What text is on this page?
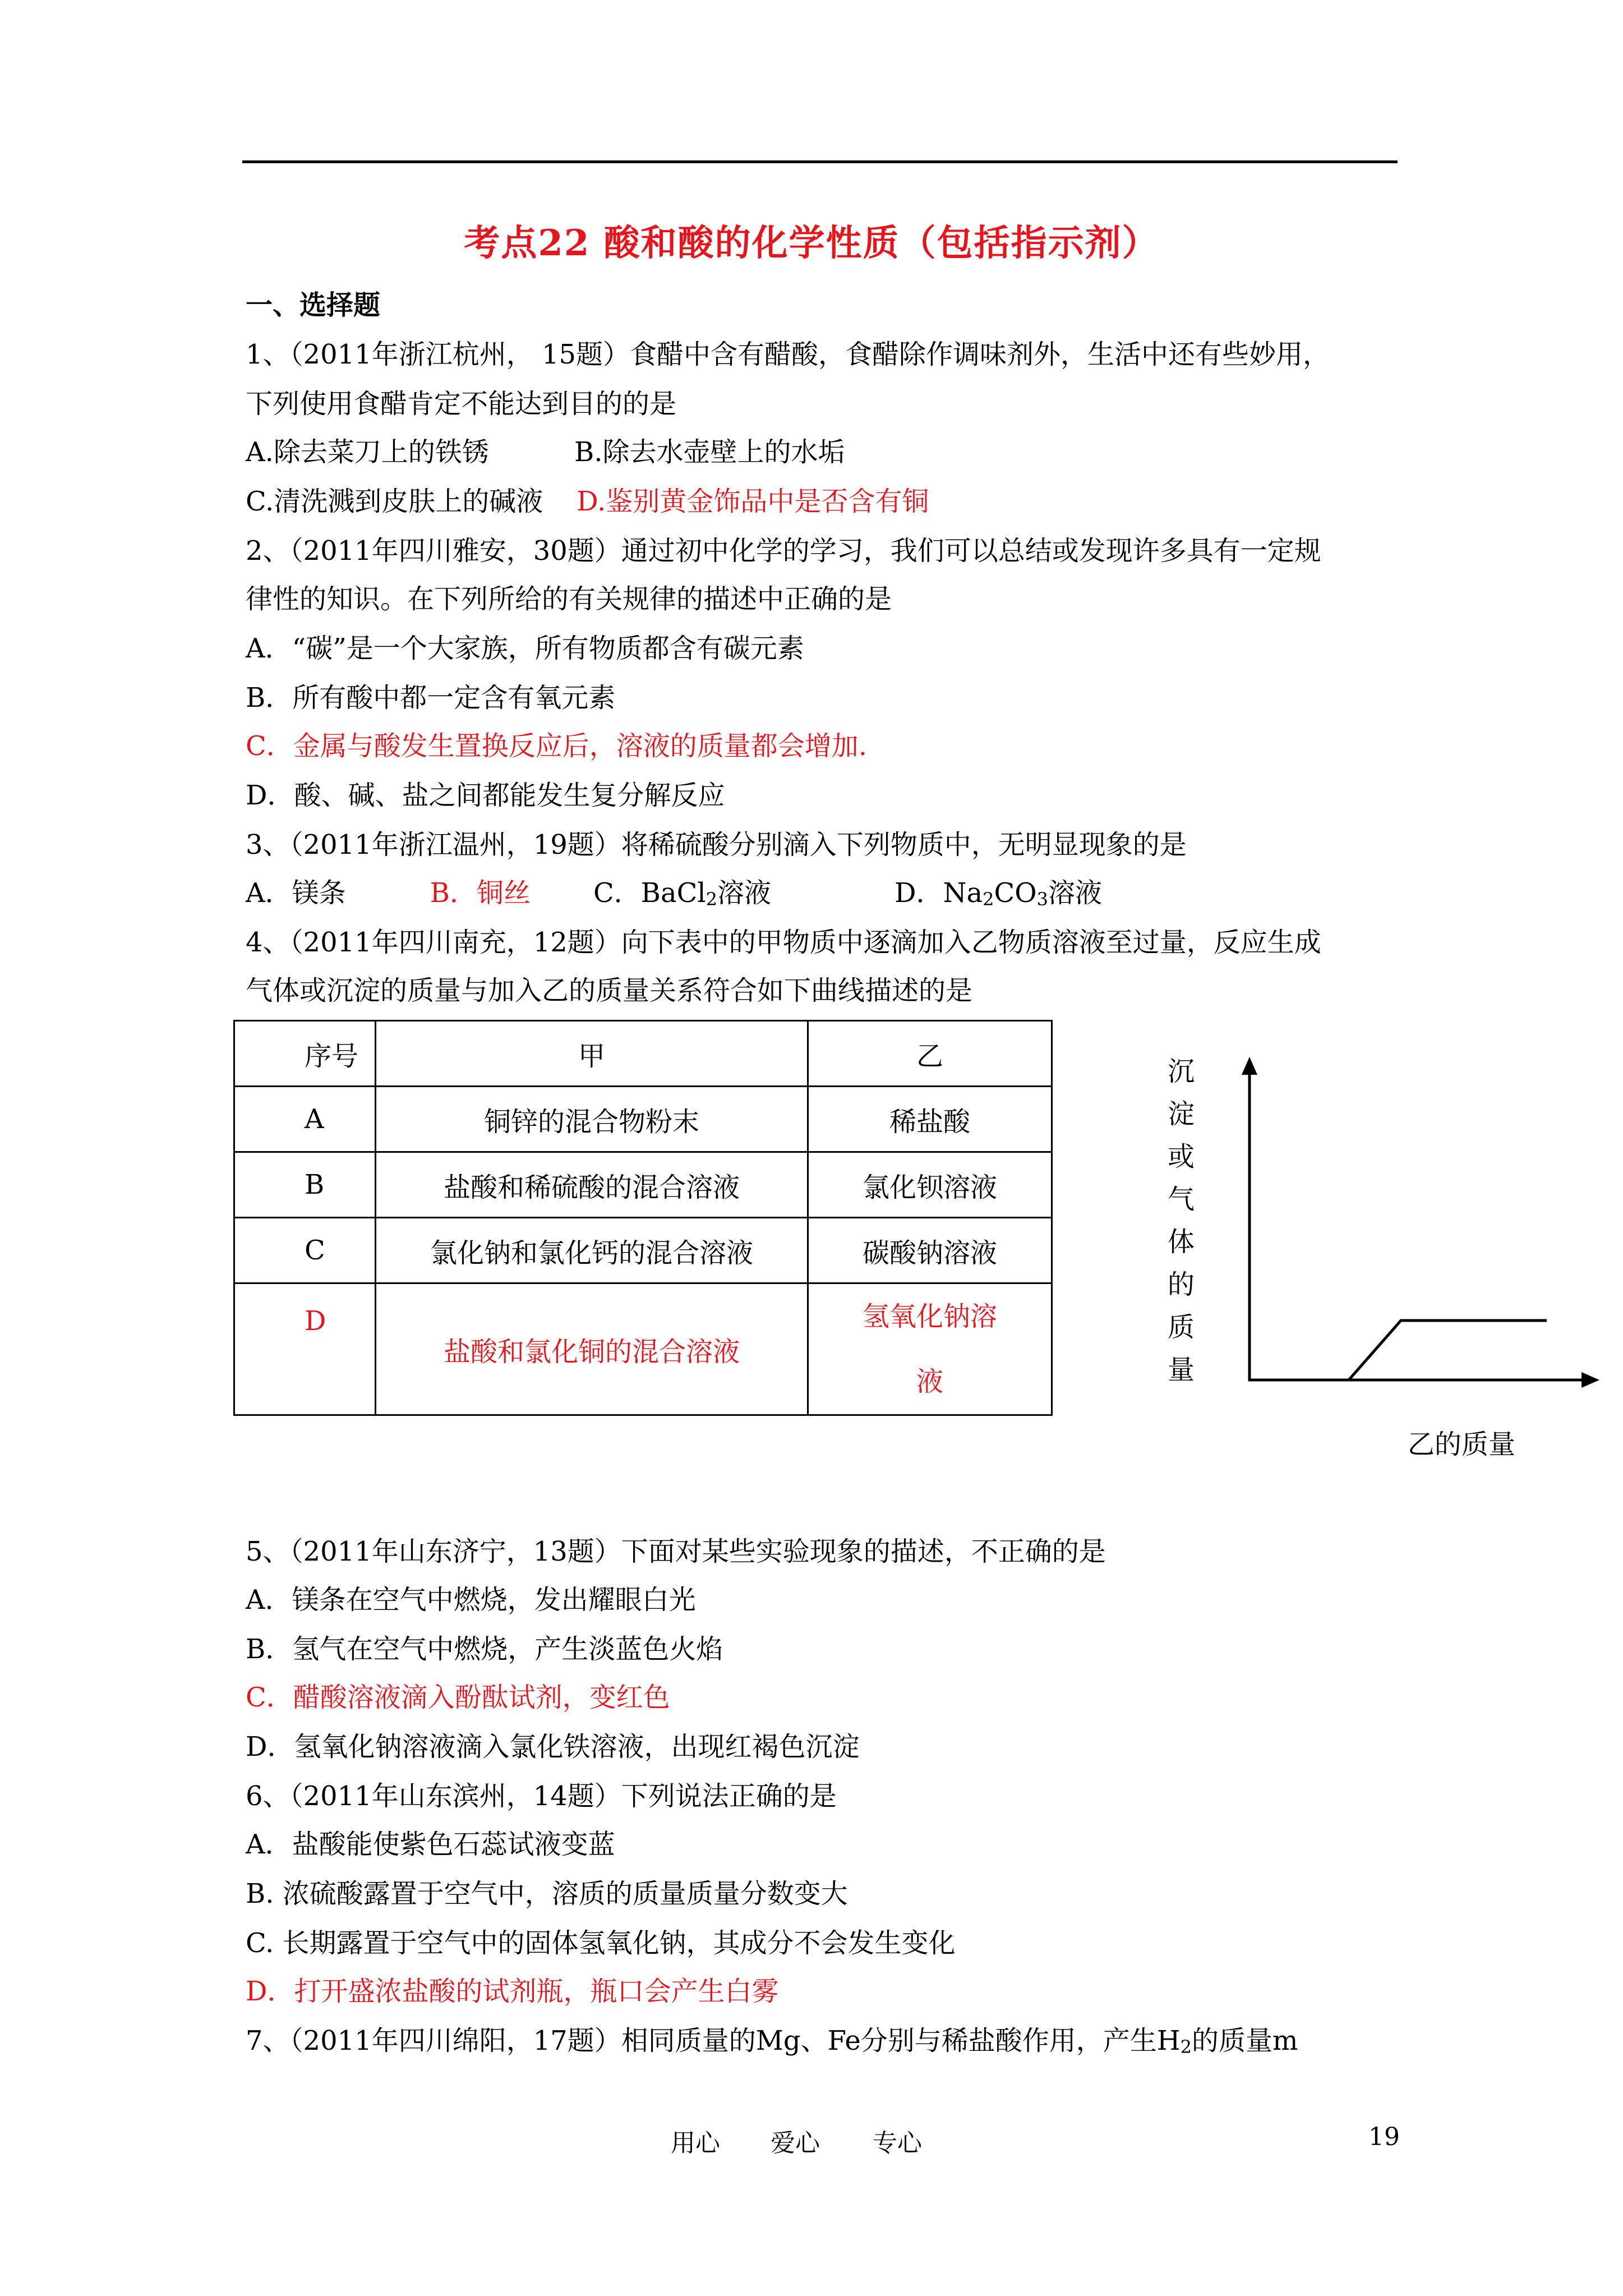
考点22 酸和酸的化学性质（包括指示剂）
一、选择题
1、（2011年浙江杭州， 15题）食醋中含有醋酸，食醋除作调味剂外，生活中还有些妙用，
下列使用食醋肯定不能达到目的的是
A.除去菜刀上的铁锈	B.除去水壶壁上的水垢
C.清洗溅到皮肤上的碱液 D.鉴别黄金饰品中是否含有铜
2、（2011年四川雅安，30题）通过初中化学的学习，我们可以总结或发现许多具有一定规
律性的知识。在下列所给的有关规律的描述中正确的是
A．“碳”是一个大家族，所有物质都含有碳元素
B．所有酸中都一定含有氧元素
C．金属与酸发生置换反应后，溶液的质量都会增加.
D．酸、碱、盐之间都能发生复分解反应
3、（2011年浙江温州，19题）将稀硫酸分别滴入下列物质中，无明显现象的是
A．镁条	B．铜丝 C．BaCl$_2$溶液	D．$Na_2CO_3$溶液
4、（2011年四川南充，12题）向下表中的甲物质中逐滴加入乙物质溶液至过量，反应生成
气体或沉淀的质量与加入乙的质量关系符合如下曲线描述的是
序号	甲	乙
A	铜锌的混合物粉末	稀盐酸
B	盐酸和稀硫酸的混合溶液	氯化钡溶液
C	氯化钠和氯化钙的混合溶液	碳酸钠溶液
D	盐酸和氯化铜的混合溶液	氢氧化钠溶
液
沉
淀
或
气
体
的
质
量
乙的质量
5、（2011年山东济宁，13题）下面对某些实验现象的描述，不正确的是
A．镁条在空气中燃烧，发出耀眼白光
B．氢气在空气中燃烧，产生淡蓝色火焰
C．醋酸溶液滴入酚酞试剂，变红色
D．氢氧化钠溶液滴入氯化铁溶液，出现红褐色沉淀
6、（2011年山东滨州，14题）下列说法正确的是
A．盐酸能使紫色石蕊试液变蓝
B. 浓硫酸露置于空气中，溶质的质量质量分数变大
C. 长期露置于空气中的固体氢氧化钠，其成分不会发生变化
D．打开盛浓盐酸的试剂瓶，瓶口会产生白雾
7、（2011年四川绵阳，17题）相同质量的Mg、Fe分别与稀盐酸作用，产生$H_2$的质量m
用心 爱心 专心	19
